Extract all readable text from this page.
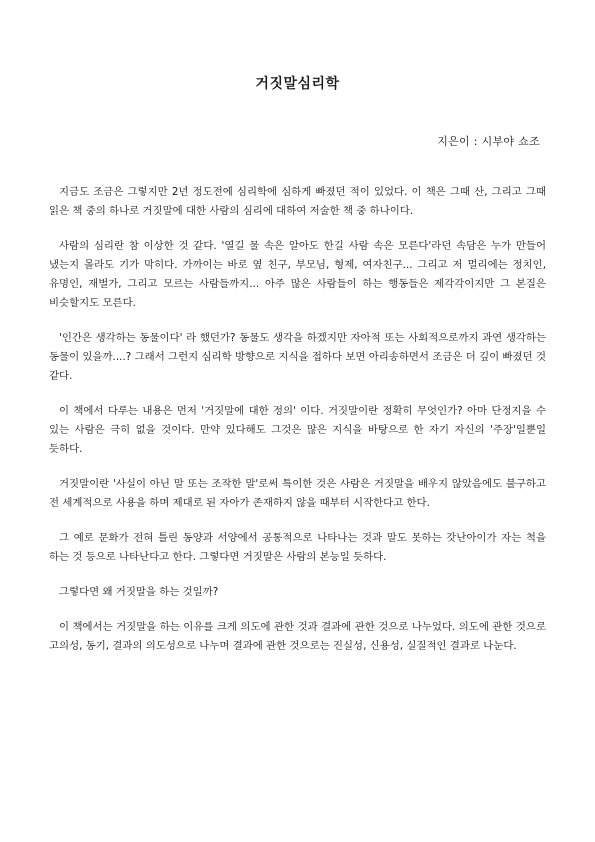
거짓말심리학

지은이 : 시부야 쇼조

지금도 조금은 그렇지만 2년 정도전에 심리학에 심하게 빠졌던 적이 있었다. 이 책은 그때 산, 그리고 그때 읽은 책 중의 하나로 거짓말에 대한 사람의 심리에 대하여 저술한 책 중 하나이다.

사람의 심리란 참 이상한 것 같다. '열길 물 속은 알아도 한길 사람 속은 모른다'라던 속담은 누가 만들어 냈는지 몰라도 기가 막히다. 가까이는 바로 옆 친구, 부모님, 형제, 여자친구... 그리고 저 멀리에는 정치인, 유명인, 재벌가, 그리고 모르는 사람들까지... 아주 많은 사람들이 하는 행동들은 제각각이지만 그 본질은 비슷할지도 모른다.

'인간은 생각하는 동물이다' 라 했던가? 동물도 생각을 하겠지만 자아적 또는 사회적으로까지 과연 생각하는 동물이 있을까....? 그래서 그런지 심리학 방향으로 지식을 접하다 보면 아리송하면서 조금은 더 깊이 빠졌던 것 같다.

이 책에서 다루는 내용은 먼저 '거짓말에 대한 정의' 이다. 거짓말이란 정확히 무엇인가? 아마 단정지을 수 있는 사람은 극히 없을 것이다. 만약 있다해도 그것은 많은 지식을 바탕으로 한 자기 자신의 '주장'일뿐일 듯하다.

거짓말이란 '사실이 아닌 말 또는 조작한 말'로써 특이한 것은 사람은 거짓말을 배우지 않았음에도 불구하고 전 세계적으로 사용을 하며 제대로 된 자아가 존재하지 않을 때부터 시작한다고 한다.

그 예로 문화가 전혀 틀린 동양과 서양에서 공통적으로 나타나는 것과 말도 못하는 갓난아이가 자는 척을 하는 것 등으로 나타난다고 한다. 그렇다면 거짓말은 사람의 본능일 듯하다.

그렇다면 왜 거짓말을 하는 것일까?

이 책에서는 거짓말을 하는 이유를 크게 의도에 관한 것과 결과에 관한 것으로 나누었다. 의도에 관한 것으로 고의성, 동기, 결과의 의도성으로 나누며 결과에 관한 것으로는 진실성, 신용성, 실질적인 결과로 나눈다.
